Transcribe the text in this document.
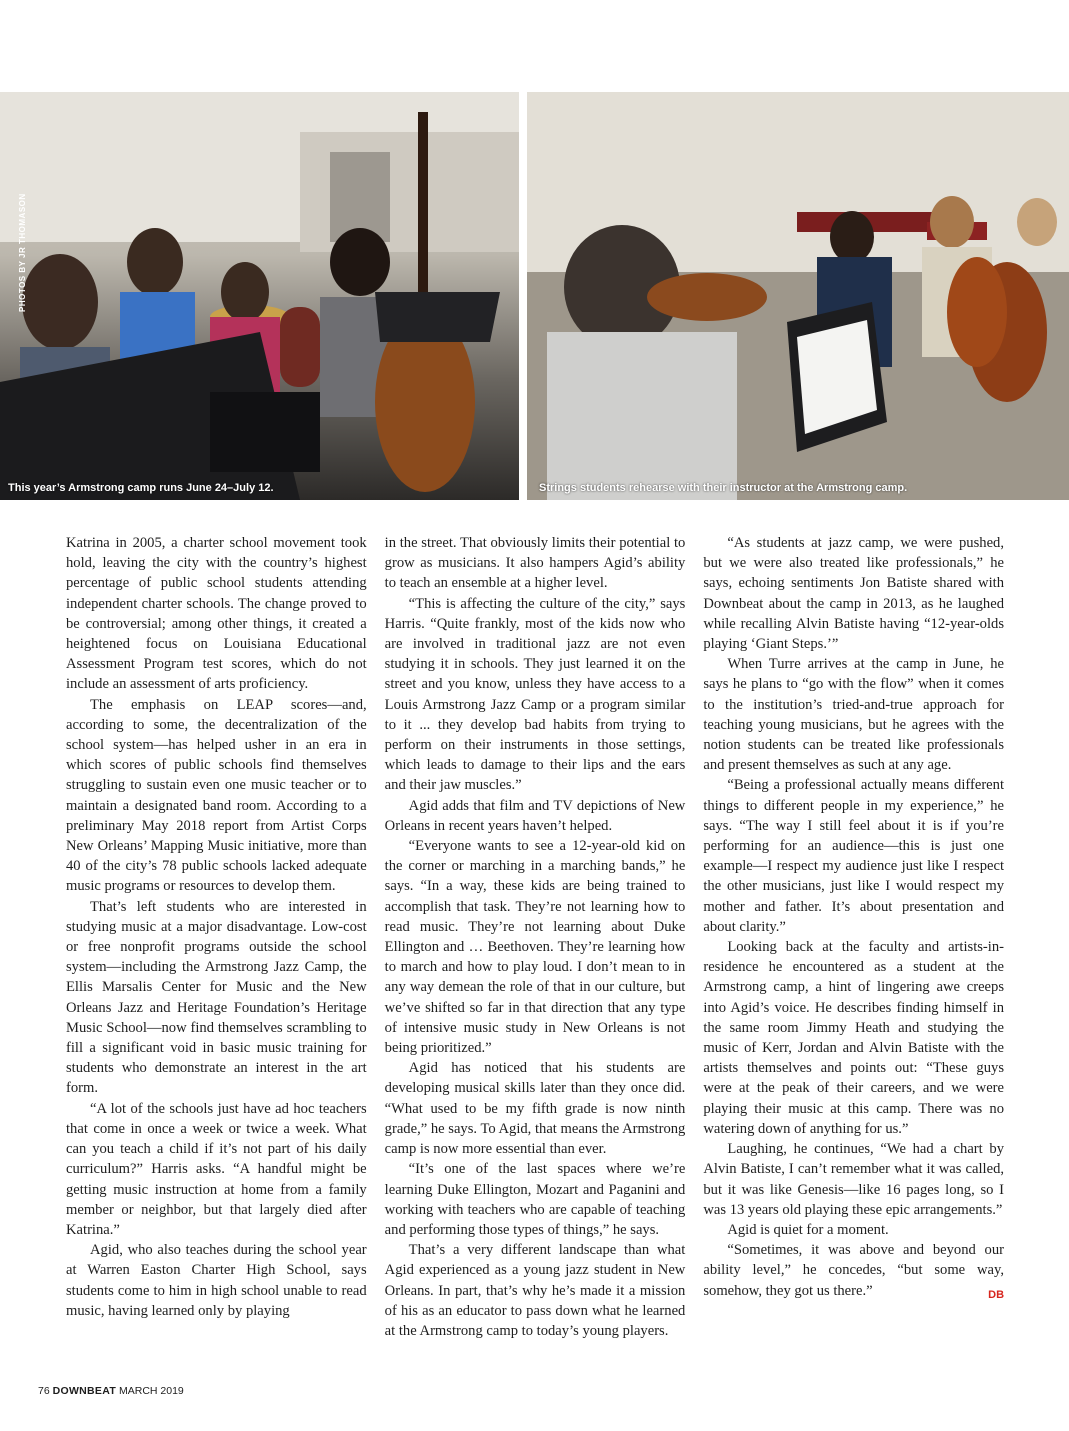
PHOTOS BY JR THOMASON
This year’s Armstrong camp runs June 24–July 12.	Strings students rehearse with their instructor at the Armstrong camp.

Katrina in 2005, a charter school movement took hold, leaving the city with the country’s highest percentage of public school students attending independent charter schools. The change proved to be controversial; among other things, it created a heightened focus on Louisiana Educational Assessment Program test scores, which do not include an assessment of arts proficiency.

The emphasis on LEAP scores—and, according to some, the decentralization of the school system—has helped usher in an era in which scores of public schools find themselves struggling to sustain even one music teacher or to maintain a designated band room. According to a preliminary May 2018 report from Artist Corps New Orleans’ Mapping Music initiative, more than 40 of the city’s 78 public schools lacked adequate music programs or resources to develop them.

That’s left students who are interested in studying music at a major disadvantage. Low-cost or free nonprofit programs outside the school system—including the Armstrong Jazz Camp, the Ellis Marsalis Center for Music and the New Orleans Jazz and Heritage Foundation’s Heritage Music School—now find themselves scrambling to fill a significant void in basic music training for students who demonstrate an interest in the art form.

“A lot of the schools just have ad hoc teachers that come in once a week or twice a week. What can you teach a child if it’s not part of his daily curriculum?” Harris asks. “A handful might be getting music instruction at home from a family member or neighbor, but that largely died after Katrina.”

Agid, who also teaches during the school year at Warren Easton Charter High School, says students come to him in high school unable to read music, having learned only by playing

in the street. That obviously limits their potential to grow as musicians. It also hampers Agid’s ability to teach an ensemble at a higher level.

“This is affecting the culture of the city,” says Harris. “Quite frankly, most of the kids now who are involved in traditional jazz are not even studying it in schools. They just learned it on the street and you know, unless they have access to a Louis Armstrong Jazz Camp or a program similar to it ... they develop bad habits from trying to perform on their instruments in those settings, which leads to damage to their lips and the ears and their jaw muscles.”

Agid adds that film and TV depictions of New Orleans in recent years haven’t helped.

“Everyone wants to see a 12-year-old kid on the corner or marching in a marching bands,” he says. “In a way, these kids are being trained to accomplish that task. They’re not learning how to read music. They’re not learning about Duke Ellington and … Beethoven. They’re learning how to march and how to play loud. I don’t mean to in any way demean the role of that in our culture, but we’ve shifted so far in that direction that any type of intensive music study in New Orleans is not being prioritized.”

Agid has noticed that his students are developing musical skills later than they once did. “What used to be my fifth grade is now ninth grade,” he says. To Agid, that means the Armstrong camp is now more essential than ever.

“It’s one of the last spaces where we’re learning Duke Ellington, Mozart and Paganini and working with teachers who are capable of teaching and performing those types of things,” he says.

That’s a very different landscape than what Agid experienced as a young jazz student in New Orleans. In part, that’s why he’s made it a mission of his as an educator to pass down what he learned at the Armstrong camp to today’s young players.

“As students at jazz camp, we were pushed, but we were also treated like professionals,” he says, echoing sentiments Jon Batiste shared with Downbeat about the camp in 2013, as he laughed while recalling Alvin Batiste having “12-year-olds playing ‘Giant Steps.’”

When Turre arrives at the camp in June, he says he plans to “go with the flow” when it comes to the institution’s tried-and-true approach for teaching young musicians, but he agrees with the notion students can be treated like professionals and present themselves as such at any age.

“Being a professional actually means different things to different people in my experience,” he says. “The way I still feel about it is if you’re performing for an audience—this is just one example—I respect my audience just like I respect the other musicians, just like I would respect my mother and father. It’s about presentation and about clarity.”

Looking back at the faculty and artists-in-residence he encountered as a student at the Armstrong camp, a hint of lingering awe creeps into Agid’s voice. He describes finding himself in the same room Jimmy Heath and studying the music of Kerr, Jordan and Alvin Batiste with the artists themselves and points out: “These guys were at the peak of their careers, and we were playing their music at this camp. There was no watering down of anything for us.”

Laughing, he continues, “We had a chart by Alvin Batiste, I can’t remember what it was called, but it was like Genesis—like 16 pages long, so I was 13 years old playing these epic arrangements.”

Agid is quiet for a moment.

“Sometimes, it was above and beyond our ability level,” he concedes, “but some way, somehow, they got us there.”	DB

76 DOWNBEAT MARCH 2019
